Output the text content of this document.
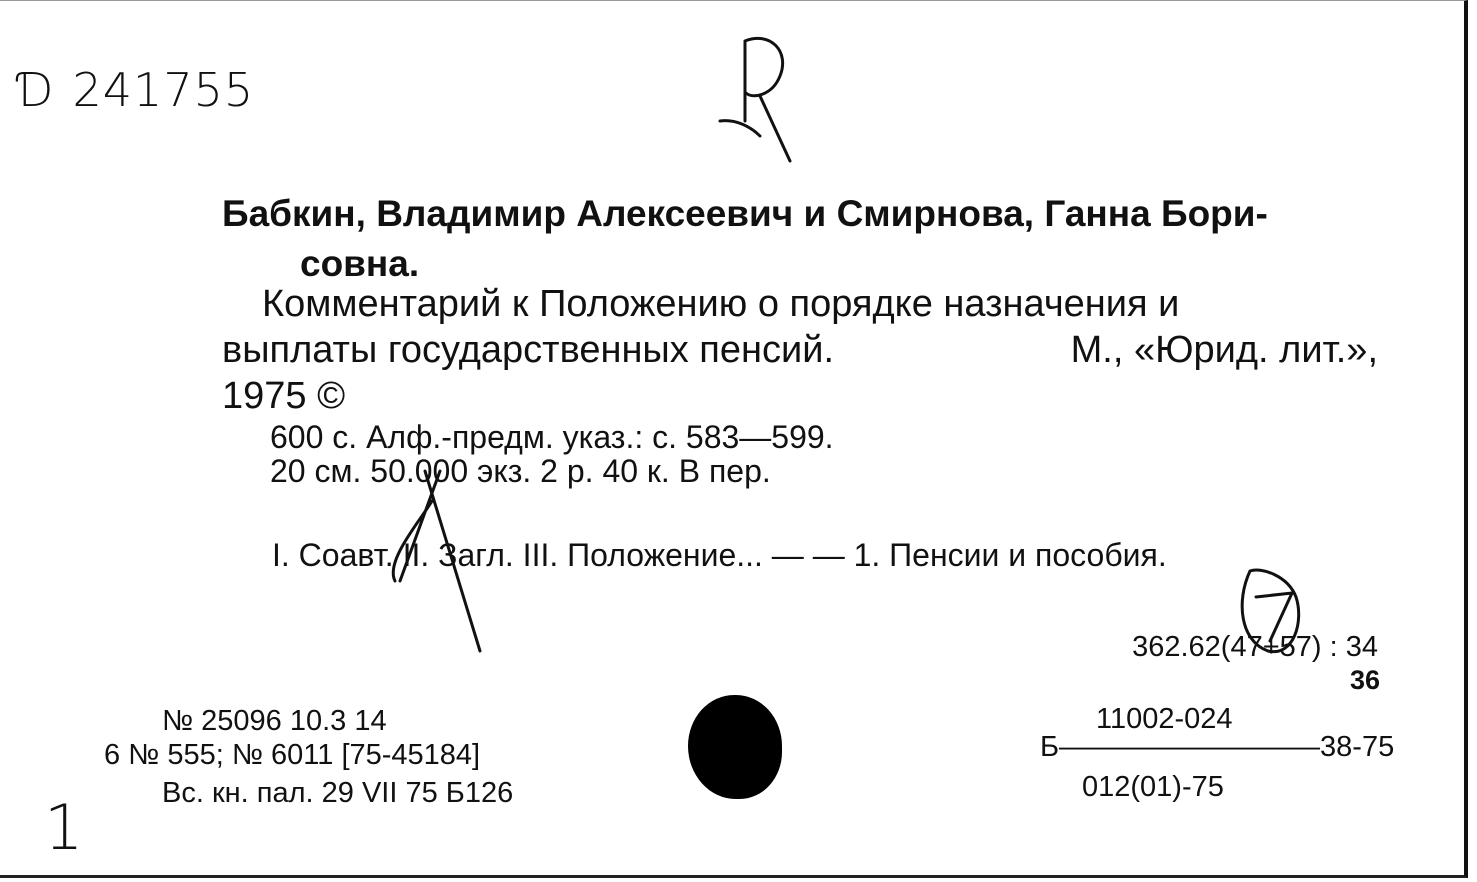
Ɗ 241755
Бабкин, Владимир Алексеевич и Смирнова, Ганна Бори-
совна.
Комментарий к Положению о порядке назначения и
выплаты государственных пенсий.	М., «Юрид. лит.»,
1975 ©
600 с. Алф.-предм. указ.: с. 583—599.
20 см. 50.000 экз. 2 р. 40 к. В пер.
I. Соавт. II. Загл. III. Положение... — — 1. Пенсии и пособия.
362.62(47+57) : 34
36
11002-024
Б―――――――――38-75
012(01)-75
№ 25096 10.3 14
6 № 555; № 6011 [75-45184]
Вс. кн. пал. 29 VII 75 Б126
1
